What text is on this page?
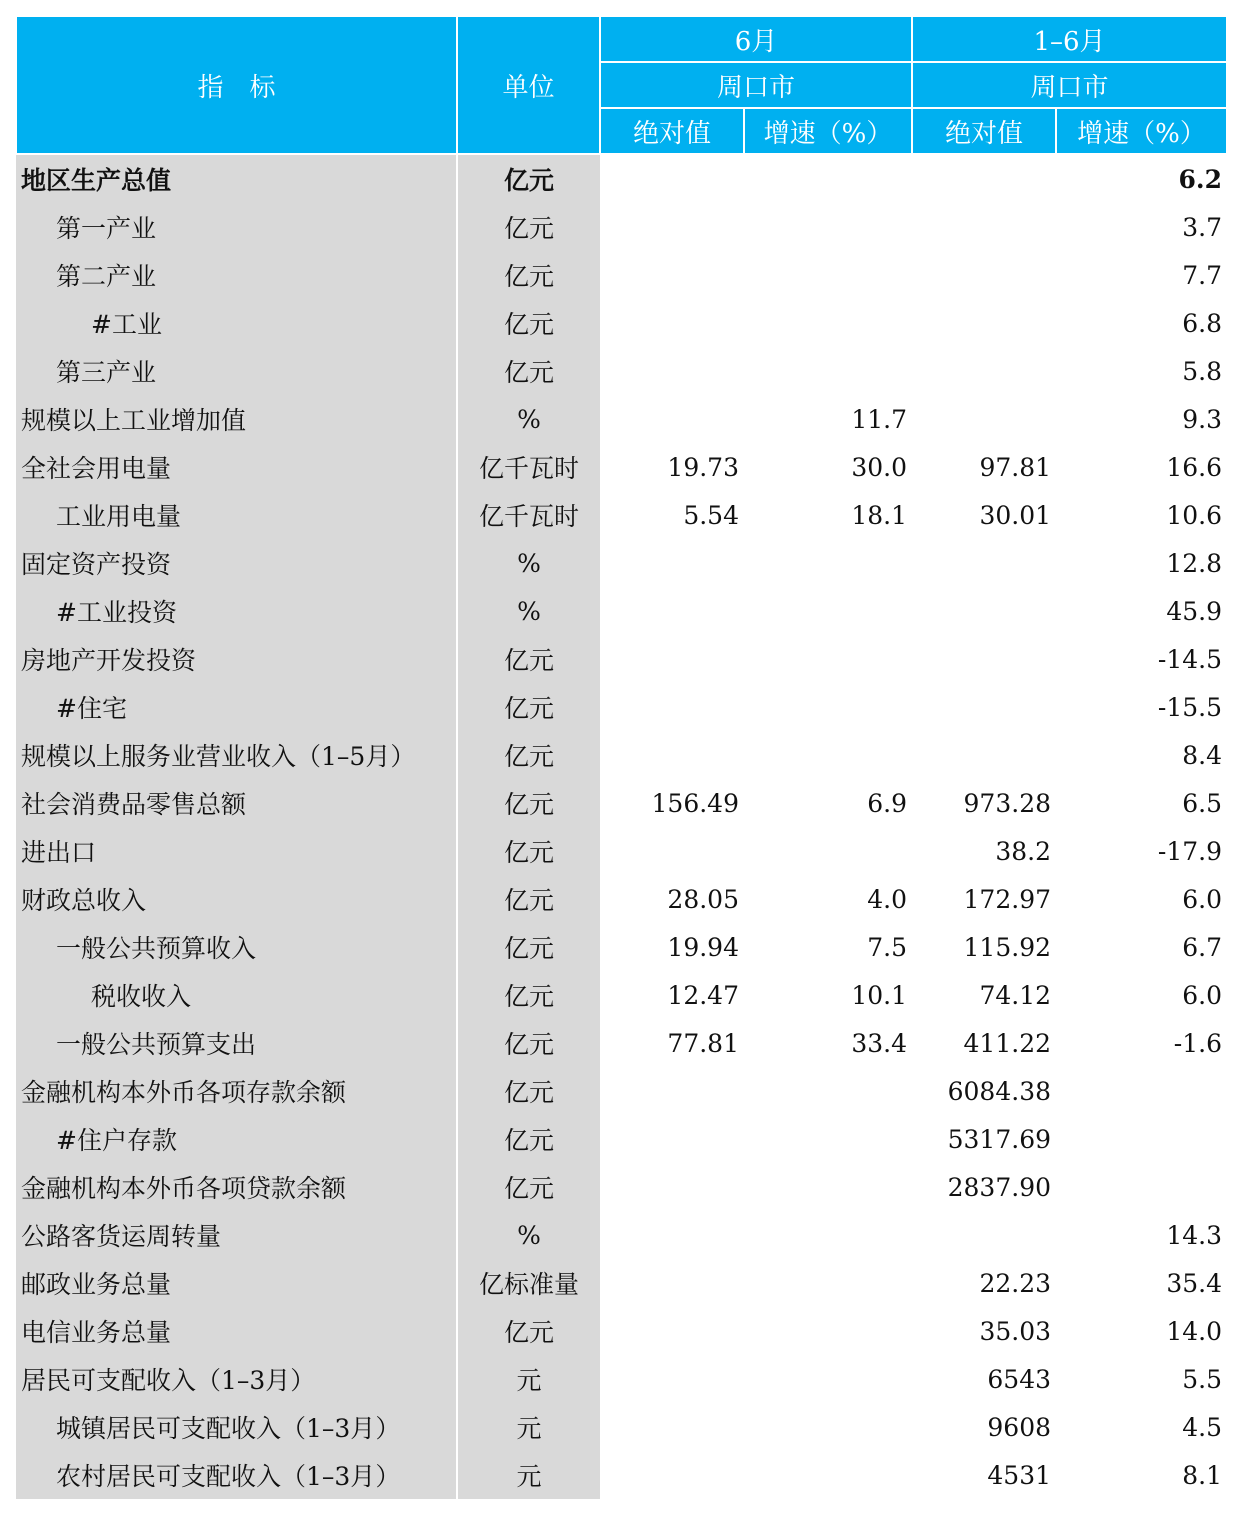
指　标	单位	6月		1–6月	
		周口市		周口市	
		绝对值	增速（%）	绝对值	增速（%）
地区生产总值	亿元				6.2
第一产业	亿元				3.7
第二产业	亿元				7.7
#工业	亿元				6.8
第三产业	亿元				5.8
规模以上工业增加值	%		11.7		9.3
全社会用电量	亿千瓦时	19.73	30.0	97.81	16.6
工业用电量	亿千瓦时	5.54	18.1	30.01	10.6
固定资产投资	%				12.8
#工业投资	%				45.9
房地产开发投资	亿元				-14.5
#住宅	亿元				-15.5
规模以上服务业营业收入（1–5月）	亿元				8.4
社会消费品零售总额	亿元	156.49	6.9	973.28	6.5
进出口	亿元			38.2	-17.9
财政总收入	亿元	28.05	4.0	172.97	6.0
一般公共预算收入	亿元	19.94	7.5	115.92	6.7
税收收入	亿元	12.47	10.1	74.12	6.0
一般公共预算支出	亿元	77.81	33.4	411.22	-1.6
金融机构本外币各项存款余额	亿元			6084.38	
#住户存款	亿元			5317.69	
金融机构本外币各项贷款余额	亿元			2837.90	
公路客货运周转量	%				14.3
邮政业务总量	亿标准量			22.23	35.4
电信业务总量	亿元			35.03	14.0
居民可支配收入（1–3月）	元			6543	5.5
城镇居民可支配收入（1–3月）	元			9608	4.5
农村居民可支配收入（1–3月）	元			4531	8.1
